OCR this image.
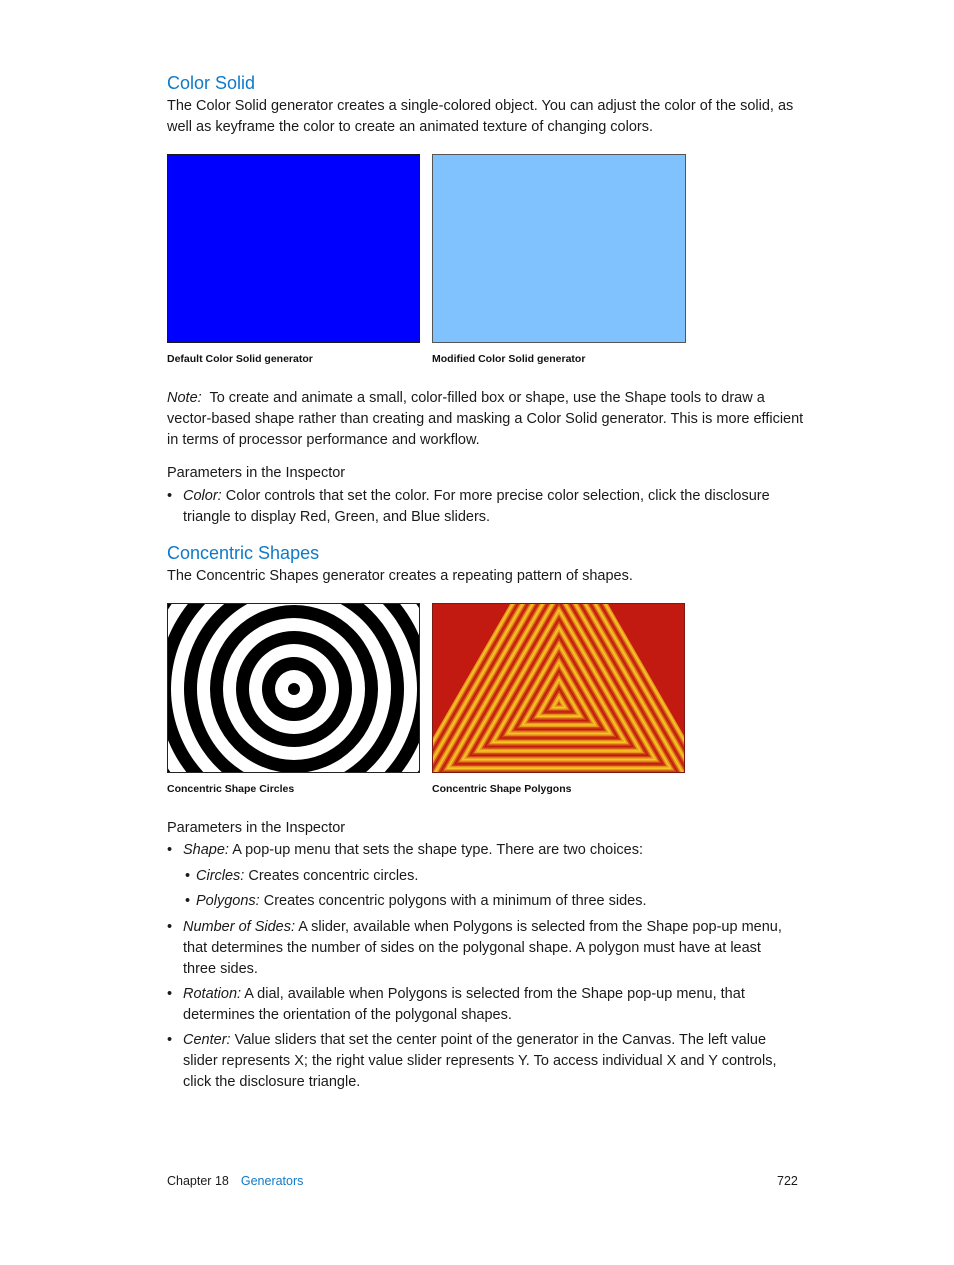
Color Solid

The Color Solid generator creates a single-colored object. You can adjust the color of the solid, as well as keyframe the color to create an animated texture of changing colors.

Default Color Solid generator	Modified Color Solid generator

Note: To create and animate a small, color-filled box or shape, use the Shape tools to draw a vector-based shape rather than creating and masking a Color Solid generator. This is more efficient in terms of processor performance and workflow.

Parameters in the Inspector
• Color: Color controls that set the color. For more precise color selection, click the disclosure triangle to display Red, Green, and Blue sliders.
Concentric Shapes

The Concentric Shapes generator creates a repeating pattern of shapes.

Concentric Shape Circles	Concentric Shape Polygons
Parameters in the Inspector
• Shape: A pop-up menu that sets the shape type. There are two choices:
• Circles: Creates concentric circles.
• Polygons: Creates concentric polygons with a minimum of three sides.
• Number of Sides: A slider, available when Polygons is selected from the Shape pop-up menu, that determines the number of sides on the polygonal shape. A polygon must have at least three sides.
• Rotation: A dial, available when Polygons is selected from the Shape pop-up menu, that determines the orientation of the polygonal shapes.
• Center: Value sliders that set the center point of the generator in the Canvas. The left value slider represents X; the right value slider represents Y. To access individual X and Y controls, click the disclosure triangle.
Chapter 18 Generators	722
